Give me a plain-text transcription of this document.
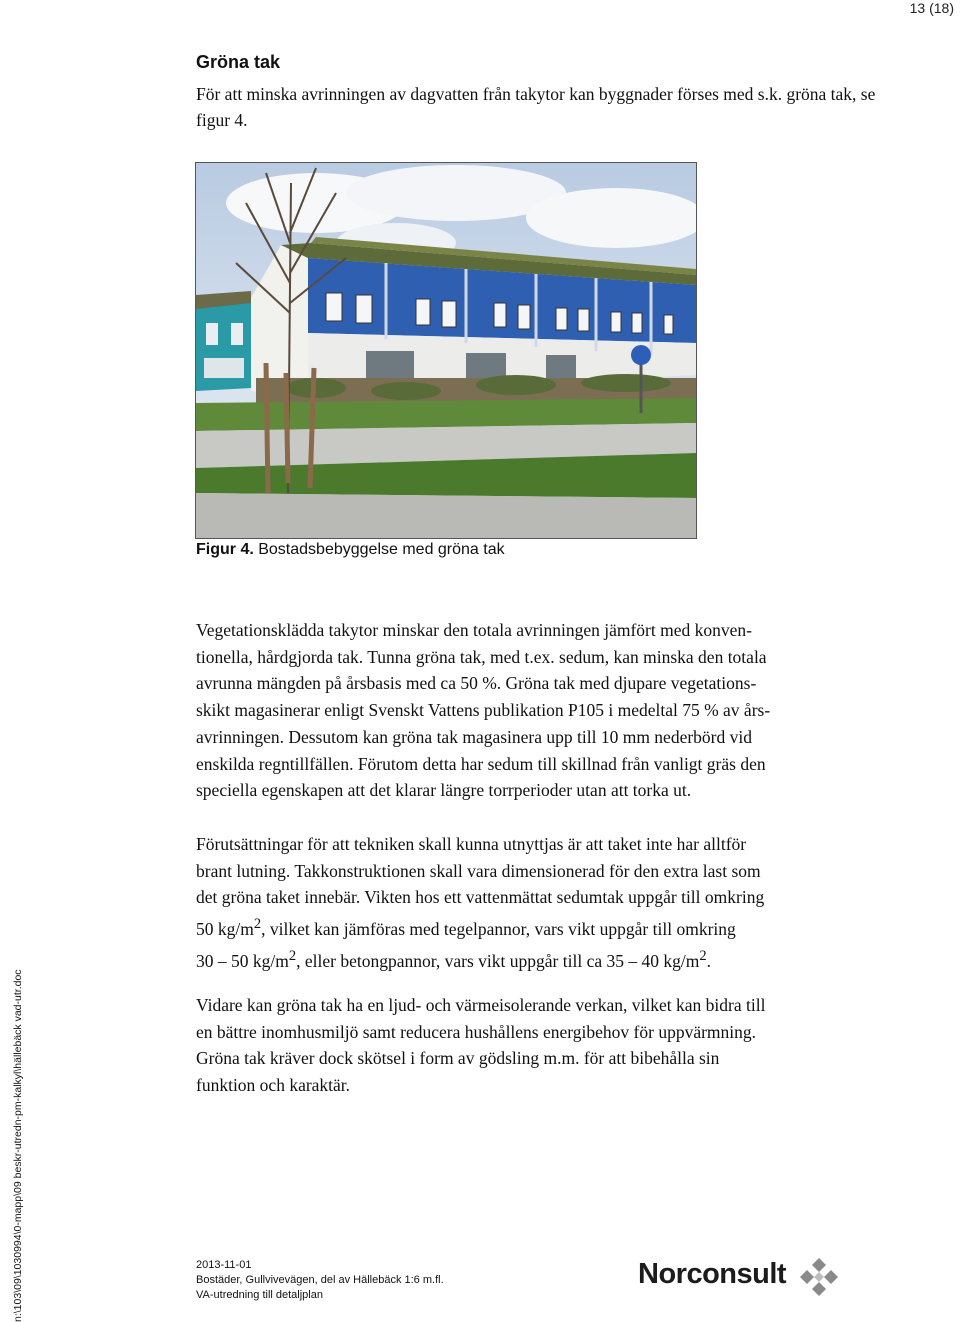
13 (18)
Gröna tak
För att minska avrinningen av dagvatten från takytor kan byggnader förses med s.k. gröna tak, se figur 4.
Figur 4. Bostadsbebyggelse med gröna tak

Vegetationsklädda takytor minskar den totala avrinningen jämfört med konven-

tionella, hårdgjorda tak. Tunna gröna tak, med t.ex. sedum, kan minska den totala

avrunna mängden på årsbasis med ca 50 %. Gröna tak med djupare vegetations-

skikt magasinerar enligt Svenskt Vattens publikation P105 i medeltal 75 % av års-

avrinningen. Dessutom kan gröna tak magasinera upp till 10 mm nederbörd vid

enskilda regntillfällen. Förutom detta har sedum till skillnad från vanligt gräs den

speciella egenskapen att det klarar längre torrperioder utan att torka ut.

Förutsättningar för att tekniken skall kunna utnyttjas är att taket inte har alltför

brant lutning. Takkonstruktionen skall vara dimensionerad för den extra last som

det gröna taket innebär. Vikten hos ett vattenmättat sedumtak uppgår till omkring

50 $kg/m^2$, vilket kan jämföras med tegelpannor, vars vikt uppgår till omkring

30 – 50 $kg/m^2$, eller betongpannor, vars vikt uppgår till ca 35 – 40 $kg/m^2$.

Vidare kan gröna tak ha en ljud- och värmeisolerande verkan, vilket kan bidra till

en bättre inomhusmiljö samt reducera hushållens energibehov för uppvärmning.

Gröna tak kräver dock skötsel i form av gödsling m.m. för att bibehålla sin

funktion och karaktär.

n:\103\09\1030994\0-mapp\09 beskr-utredn-pm-kalkyl\hällebäck vad-utr.doc	2013-11-01
Bostäder, Gullvivevägen, del av Hällebäck 1:6 m.fl.
VA-utredning till detaljplan
Norconsult
